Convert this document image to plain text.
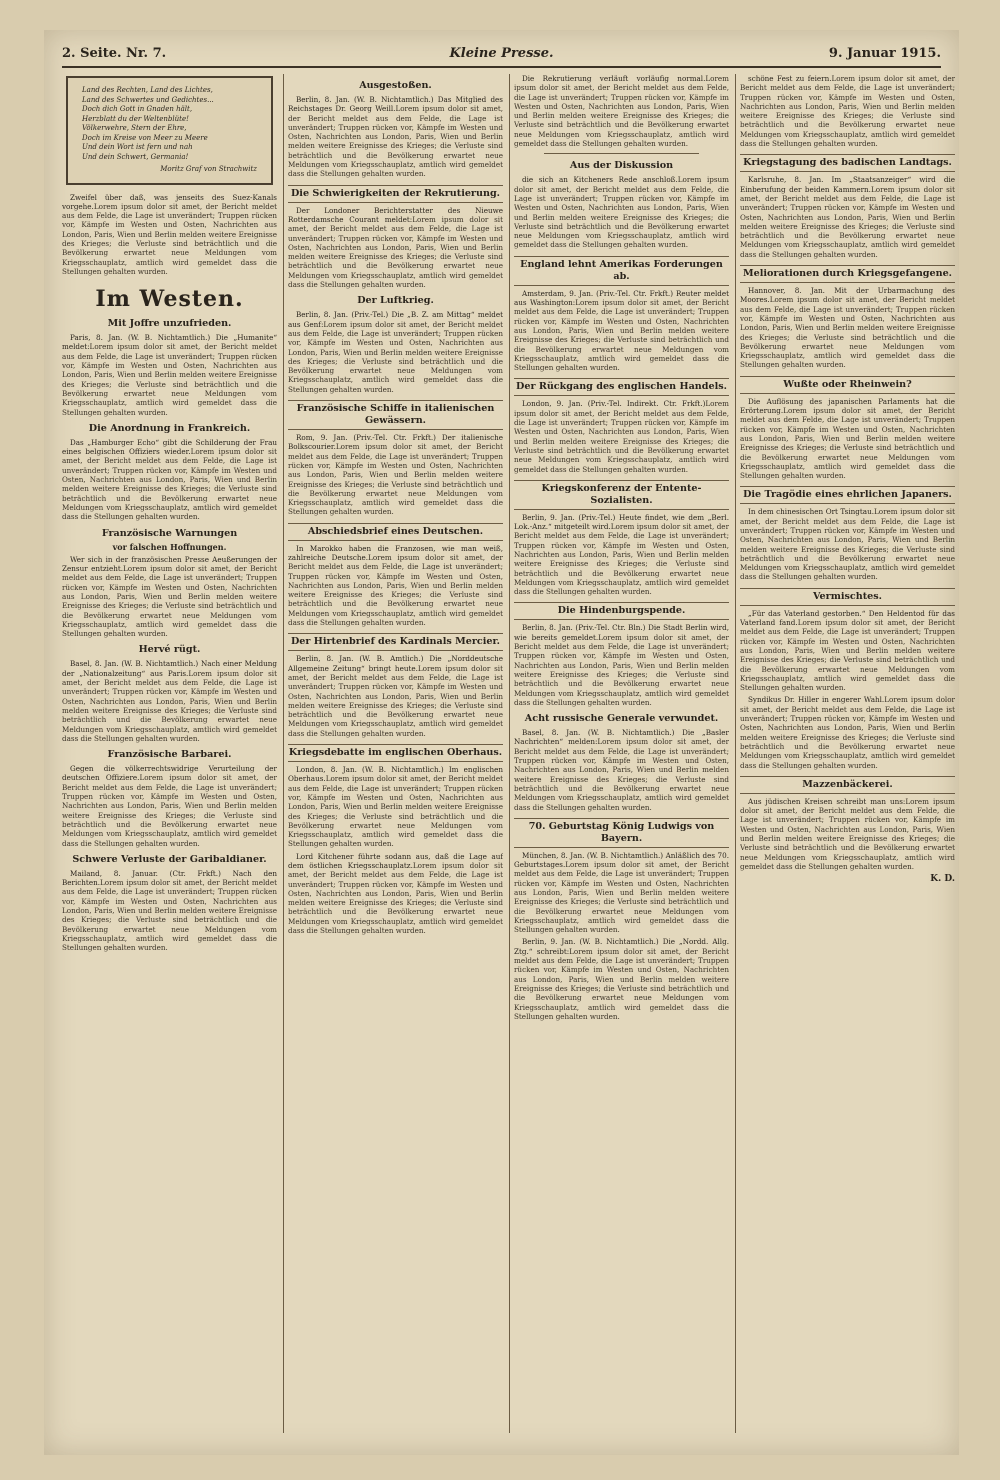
2. Seite. Nr. 7.	Kleine Presse.	9. Januar 1915.

Land des Rechten, Land des Lichtes,

Land des Schwertes und Gedichtes...

Doch dich Gott in Gnaden hält,

Herzblatt du der Weltenblüte!

Völkerwehre, Stern der Ehre,

Doch im Kreise von Meer zu Meere

Und dein Wort ist fern und nah

Und dein Schwert, Germania!

Moritz Graf von Strachwitz

Zweifel über daß, was jenseits des Suez-Kanals vorgehe. Lorem ipsum dolor sit amet, der Bericht meldet aus dem Felde, die Lage ist unverändert; Truppen rücken vor, Kämpfe im Westen und Osten, Nachrichten aus London, Paris, Wien und Berlin melden weitere Ereignisse des Krieges; die Verluste sind beträchtlich und die Bevölkerung erwartet neue Meldungen vom Kriegsschauplatz, amtlich wird gemeldet dass die Stellungen gehalten wurden.

Im Westen.
Mit Joffre unzufrieden.

Paris, 8. Jan. (W. B. Nichtamtlich.) Die „Humanite“ meldet: Lorem ipsum dolor sit amet, der Bericht meldet aus dem Felde, die Lage ist unverändert; Truppen rücken vor, Kämpfe im Westen und Osten, Nachrichten aus London, Paris, Wien und Berlin melden weitere Ereignisse des Krieges; die Verluste sind beträchtlich und die Bevölkerung erwartet neue Meldungen vom Kriegsschauplatz, amtlich wird gemeldet dass die Stellungen gehalten wurden.

Die Anordnung in Frankreich.

Das „Hamburger Echo“ gibt die Schilderung der Frau eines belgischen Offiziers wieder. Lorem ipsum dolor sit amet, der Bericht meldet aus dem Felde, die Lage ist unverändert; Truppen rücken vor, Kämpfe im Westen und Osten, Nachrichten aus London, Paris, Wien und Berlin melden weitere Ereignisse des Krieges; die Verluste sind beträchtlich und die Bevölkerung erwartet neue Meldungen vom Kriegsschauplatz, amtlich wird gemeldet dass die Stellungen gehalten wurden.

Französische Warnungen
vor falschen Hoffnungen.

Wer sich in der französischen Presse Aeußerungen der Zensur entzieht. Lorem ipsum dolor sit amet, der Bericht meldet aus dem Felde, die Lage ist unverändert; Truppen rücken vor, Kämpfe im Westen und Osten, Nachrichten aus London, Paris, Wien und Berlin melden weitere Ereignisse des Krieges; die Verluste sind beträchtlich und die Bevölkerung erwartet neue Meldungen vom Kriegsschauplatz, amtlich wird gemeldet dass die Stellungen gehalten wurden.

Hervé rügt.

Basel, 8. Jan. (W. B. Nichtamtlich.) Nach einer Meldung der „Nationalzeitung“ aus Paris. Lorem ipsum dolor sit amet, der Bericht meldet aus dem Felde, die Lage ist unverändert; Truppen rücken vor, Kämpfe im Westen und Osten, Nachrichten aus London, Paris, Wien und Berlin melden weitere Ereignisse des Krieges; die Verluste sind beträchtlich und die Bevölkerung erwartet neue Meldungen vom Kriegsschauplatz, amtlich wird gemeldet dass die Stellungen gehalten wurden.

Französische Barbarei.

Gegen die völkerrechtswidrige Verurteilung der deutschen Offiziere. Lorem ipsum dolor sit amet, der Bericht meldet aus dem Felde, die Lage ist unverändert; Truppen rücken vor, Kämpfe im Westen und Osten, Nachrichten aus London, Paris, Wien und Berlin melden weitere Ereignisse des Krieges; die Verluste sind beträchtlich und die Bevölkerung erwartet neue Meldungen vom Kriegsschauplatz, amtlich wird gemeldet dass die Stellungen gehalten wurden.

Schwere Verluste der Garibaldianer.

Mailand, 8. Januar. (Ctr. Frkft.) Nach den Berichten. Lorem ipsum dolor sit amet, der Bericht meldet aus dem Felde, die Lage ist unverändert; Truppen rücken vor, Kämpfe im Westen und Osten, Nachrichten aus London, Paris, Wien und Berlin melden weitere Ereignisse des Krieges; die Verluste sind beträchtlich und die Bevölkerung erwartet neue Meldungen vom Kriegsschauplatz, amtlich wird gemeldet dass die Stellungen gehalten wurden.

Ausgestoßen.

Berlin, 8. Jan. (W. B. Nichtamtlich.) Das Mitglied des Reichstages Dr. Georg Weill. Lorem ipsum dolor sit amet, der Bericht meldet aus dem Felde, die Lage ist unverändert; Truppen rücken vor, Kämpfe im Westen und Osten, Nachrichten aus London, Paris, Wien und Berlin melden weitere Ereignisse des Krieges; die Verluste sind beträchtlich und die Bevölkerung erwartet neue Meldungen vom Kriegsschauplatz, amtlich wird gemeldet dass die Stellungen gehalten wurden.

Die Schwierigkeiten der Rekrutierung.

Der Londoner Berichterstatter des Nieuwe Rotterdamsche Courant meldet: Lorem ipsum dolor sit amet, der Bericht meldet aus dem Felde, die Lage ist unverändert; Truppen rücken vor, Kämpfe im Westen und Osten, Nachrichten aus London, Paris, Wien und Berlin melden weitere Ereignisse des Krieges; die Verluste sind beträchtlich und die Bevölkerung erwartet neue Meldungen vom Kriegsschauplatz, amtlich wird gemeldet dass die Stellungen gehalten wurden.

Der Luftkrieg.

Berlin, 8. Jan. (Priv.-Tel.) Die „B. Z. am Mittag“ meldet aus Genf: Lorem ipsum dolor sit amet, der Bericht meldet aus dem Felde, die Lage ist unverändert; Truppen rücken vor, Kämpfe im Westen und Osten, Nachrichten aus London, Paris, Wien und Berlin melden weitere Ereignisse des Krieges; die Verluste sind beträchtlich und die Bevölkerung erwartet neue Meldungen vom Kriegsschauplatz, amtlich wird gemeldet dass die Stellungen gehalten wurden.

Französische Schiffe in italienischen Gewässern.

Rom, 9. Jan. (Priv.-Tel. Ctr. Frkft.) Der italienische Bolkscourier. Lorem ipsum dolor sit amet, der Bericht meldet aus dem Felde, die Lage ist unverändert; Truppen rücken vor, Kämpfe im Westen und Osten, Nachrichten aus London, Paris, Wien und Berlin melden weitere Ereignisse des Krieges; die Verluste sind beträchtlich und die Bevölkerung erwartet neue Meldungen vom Kriegsschauplatz, amtlich wird gemeldet dass die Stellungen gehalten wurden.

Abschiedsbrief eines Deutschen.

In Marokko haben die Franzosen, wie man weiß, zahlreiche Deutsche. Lorem ipsum dolor sit amet, der Bericht meldet aus dem Felde, die Lage ist unverändert; Truppen rücken vor, Kämpfe im Westen und Osten, Nachrichten aus London, Paris, Wien und Berlin melden weitere Ereignisse des Krieges; die Verluste sind beträchtlich und die Bevölkerung erwartet neue Meldungen vom Kriegsschauplatz, amtlich wird gemeldet dass die Stellungen gehalten wurden.

Der Hirtenbrief des Kardinals Mercier.

Berlin, 8. Jan. (W. B. Amtlich.) Die „Norddeutsche Allgemeine Zeitung“ bringt heute. Lorem ipsum dolor sit amet, der Bericht meldet aus dem Felde, die Lage ist unverändert; Truppen rücken vor, Kämpfe im Westen und Osten, Nachrichten aus London, Paris, Wien und Berlin melden weitere Ereignisse des Krieges; die Verluste sind beträchtlich und die Bevölkerung erwartet neue Meldungen vom Kriegsschauplatz, amtlich wird gemeldet dass die Stellungen gehalten wurden.

Kriegsdebatte im englischen Oberhaus.

London, 8. Jan. (W. B. Nichtamtlich.) Im englischen Oberhaus. Lorem ipsum dolor sit amet, der Bericht meldet aus dem Felde, die Lage ist unverändert; Truppen rücken vor, Kämpfe im Westen und Osten, Nachrichten aus London, Paris, Wien und Berlin melden weitere Ereignisse des Krieges; die Verluste sind beträchtlich und die Bevölkerung erwartet neue Meldungen vom Kriegsschauplatz, amtlich wird gemeldet dass die Stellungen gehalten wurden.

Lord Kitchener führte sodann aus, daß die Lage auf dem östlichen Kriegsschauplatz. Lorem ipsum dolor sit amet, der Bericht meldet aus dem Felde, die Lage ist unverändert; Truppen rücken vor, Kämpfe im Westen und Osten, Nachrichten aus London, Paris, Wien und Berlin melden weitere Ereignisse des Krieges; die Verluste sind beträchtlich und die Bevölkerung erwartet neue Meldungen vom Kriegsschauplatz, amtlich wird gemeldet dass die Stellungen gehalten wurden.

Die Rekrutierung verläuft vorläufig normal. Lorem ipsum dolor sit amet, der Bericht meldet aus dem Felde, die Lage ist unverändert; Truppen rücken vor, Kämpfe im Westen und Osten, Nachrichten aus London, Paris, Wien und Berlin melden weitere Ereignisse des Krieges; die Verluste sind beträchtlich und die Bevölkerung erwartet neue Meldungen vom Kriegsschauplatz, amtlich wird gemeldet dass die Stellungen gehalten wurden.

Aus der Diskussion

die sich an Kitcheners Rede anschloß. Lorem ipsum dolor sit amet, der Bericht meldet aus dem Felde, die Lage ist unverändert; Truppen rücken vor, Kämpfe im Westen und Osten, Nachrichten aus London, Paris, Wien und Berlin melden weitere Ereignisse des Krieges; die Verluste sind beträchtlich und die Bevölkerung erwartet neue Meldungen vom Kriegsschauplatz, amtlich wird gemeldet dass die Stellungen gehalten wurden.

England lehnt Amerikas Forderungen ab.

Amsterdam, 9. Jan. (Priv.-Tel. Ctr. Frkft.) Reuter meldet aus Washington: Lorem ipsum dolor sit amet, der Bericht meldet aus dem Felde, die Lage ist unverändert; Truppen rücken vor, Kämpfe im Westen und Osten, Nachrichten aus London, Paris, Wien und Berlin melden weitere Ereignisse des Krieges; die Verluste sind beträchtlich und die Bevölkerung erwartet neue Meldungen vom Kriegsschauplatz, amtlich wird gemeldet dass die Stellungen gehalten wurden.

Der Rückgang des englischen Handels.

London, 9. Jan. (Priv.-Tel. Indirekt. Ctr. Frkft.) Lorem ipsum dolor sit amet, der Bericht meldet aus dem Felde, die Lage ist unverändert; Truppen rücken vor, Kämpfe im Westen und Osten, Nachrichten aus London, Paris, Wien und Berlin melden weitere Ereignisse des Krieges; die Verluste sind beträchtlich und die Bevölkerung erwartet neue Meldungen vom Kriegsschauplatz, amtlich wird gemeldet dass die Stellungen gehalten wurden.

Kriegskonferenz der Entente-Sozialisten.

Berlin, 9. Jan. (Priv.-Tel.) Heute findet, wie dem „Berl. Lok.-Anz.“ mitgeteilt wird. Lorem ipsum dolor sit amet, der Bericht meldet aus dem Felde, die Lage ist unverändert; Truppen rücken vor, Kämpfe im Westen und Osten, Nachrichten aus London, Paris, Wien und Berlin melden weitere Ereignisse des Krieges; die Verluste sind beträchtlich und die Bevölkerung erwartet neue Meldungen vom Kriegsschauplatz, amtlich wird gemeldet dass die Stellungen gehalten wurden.

Die Hindenburgspende.

Berlin, 8. Jan. (Priv.-Tel. Ctr. Bln.) Die Stadt Berlin wird, wie bereits gemeldet. Lorem ipsum dolor sit amet, der Bericht meldet aus dem Felde, die Lage ist unverändert; Truppen rücken vor, Kämpfe im Westen und Osten, Nachrichten aus London, Paris, Wien und Berlin melden weitere Ereignisse des Krieges; die Verluste sind beträchtlich und die Bevölkerung erwartet neue Meldungen vom Kriegsschauplatz, amtlich wird gemeldet dass die Stellungen gehalten wurden.

Acht russische Generale verwundet.

Basel, 8. Jan. (W. B. Nichtamtlich.) Die „Basler Nachrichten“ melden: Lorem ipsum dolor sit amet, der Bericht meldet aus dem Felde, die Lage ist unverändert; Truppen rücken vor, Kämpfe im Westen und Osten, Nachrichten aus London, Paris, Wien und Berlin melden weitere Ereignisse des Krieges; die Verluste sind beträchtlich und die Bevölkerung erwartet neue Meldungen vom Kriegsschauplatz, amtlich wird gemeldet dass die Stellungen gehalten wurden.

70. Geburtstag König Ludwigs von Bayern.

München, 8. Jan. (W. B. Nichtamtlich.) Anläßlich des 70. Geburtstages. Lorem ipsum dolor sit amet, der Bericht meldet aus dem Felde, die Lage ist unverändert; Truppen rücken vor, Kämpfe im Westen und Osten, Nachrichten aus London, Paris, Wien und Berlin melden weitere Ereignisse des Krieges; die Verluste sind beträchtlich und die Bevölkerung erwartet neue Meldungen vom Kriegsschauplatz, amtlich wird gemeldet dass die Stellungen gehalten wurden.

Berlin, 9. Jan. (W. B. Nichtamtlich.) Die „Nordd. Allg. Ztg.“ schreibt: Lorem ipsum dolor sit amet, der Bericht meldet aus dem Felde, die Lage ist unverändert; Truppen rücken vor, Kämpfe im Westen und Osten, Nachrichten aus London, Paris, Wien und Berlin melden weitere Ereignisse des Krieges; die Verluste sind beträchtlich und die Bevölkerung erwartet neue Meldungen vom Kriegsschauplatz, amtlich wird gemeldet dass die Stellungen gehalten wurden.

schöne Fest zu feiern. Lorem ipsum dolor sit amet, der Bericht meldet aus dem Felde, die Lage ist unverändert; Truppen rücken vor, Kämpfe im Westen und Osten, Nachrichten aus London, Paris, Wien und Berlin melden weitere Ereignisse des Krieges; die Verluste sind beträchtlich und die Bevölkerung erwartet neue Meldungen vom Kriegsschauplatz, amtlich wird gemeldet dass die Stellungen gehalten wurden.

Kriegstagung des badischen Landtags.

Karlsruhe, 8. Jan. Im „Staatsanzeiger“ wird die Einberufung der beiden Kammern. Lorem ipsum dolor sit amet, der Bericht meldet aus dem Felde, die Lage ist unverändert; Truppen rücken vor, Kämpfe im Westen und Osten, Nachrichten aus London, Paris, Wien und Berlin melden weitere Ereignisse des Krieges; die Verluste sind beträchtlich und die Bevölkerung erwartet neue Meldungen vom Kriegsschauplatz, amtlich wird gemeldet dass die Stellungen gehalten wurden.

Meliorationen durch Kriegsgefangene.

Hannover, 8. Jan. Mit der Urbarmachung des Moores. Lorem ipsum dolor sit amet, der Bericht meldet aus dem Felde, die Lage ist unverändert; Truppen rücken vor, Kämpfe im Westen und Osten, Nachrichten aus London, Paris, Wien und Berlin melden weitere Ereignisse des Krieges; die Verluste sind beträchtlich und die Bevölkerung erwartet neue Meldungen vom Kriegsschauplatz, amtlich wird gemeldet dass die Stellungen gehalten wurden.

Wußte oder Rheinwein?

Die Auflösung des japanischen Parlaments hat die Erörterung. Lorem ipsum dolor sit amet, der Bericht meldet aus dem Felde, die Lage ist unverändert; Truppen rücken vor, Kämpfe im Westen und Osten, Nachrichten aus London, Paris, Wien und Berlin melden weitere Ereignisse des Krieges; die Verluste sind beträchtlich und die Bevölkerung erwartet neue Meldungen vom Kriegsschauplatz, amtlich wird gemeldet dass die Stellungen gehalten wurden.

Die Tragödie eines ehrlichen Japaners.

In dem chinesischen Ort Tsingtau. Lorem ipsum dolor sit amet, der Bericht meldet aus dem Felde, die Lage ist unverändert; Truppen rücken vor, Kämpfe im Westen und Osten, Nachrichten aus London, Paris, Wien und Berlin melden weitere Ereignisse des Krieges; die Verluste sind beträchtlich und die Bevölkerung erwartet neue Meldungen vom Kriegsschauplatz, amtlich wird gemeldet dass die Stellungen gehalten wurden.

Vermischtes.

„Für das Vaterland gestorben.“ Den Heldentod für das Vaterland fand. Lorem ipsum dolor sit amet, der Bericht meldet aus dem Felde, die Lage ist unverändert; Truppen rücken vor, Kämpfe im Westen und Osten, Nachrichten aus London, Paris, Wien und Berlin melden weitere Ereignisse des Krieges; die Verluste sind beträchtlich und die Bevölkerung erwartet neue Meldungen vom Kriegsschauplatz, amtlich wird gemeldet dass die Stellungen gehalten wurden.

Syndikus Dr. Hiller in engerer Wahl. Lorem ipsum dolor sit amet, der Bericht meldet aus dem Felde, die Lage ist unverändert; Truppen rücken vor, Kämpfe im Westen und Osten, Nachrichten aus London, Paris, Wien und Berlin melden weitere Ereignisse des Krieges; die Verluste sind beträchtlich und die Bevölkerung erwartet neue Meldungen vom Kriegsschauplatz, amtlich wird gemeldet dass die Stellungen gehalten wurden.

Mazzenbäckerei.

Aus jüdischen Kreisen schreibt man uns: Lorem ipsum dolor sit amet, der Bericht meldet aus dem Felde, die Lage ist unverändert; Truppen rücken vor, Kämpfe im Westen und Osten, Nachrichten aus London, Paris, Wien und Berlin melden weitere Ereignisse des Krieges; die Verluste sind beträchtlich und die Bevölkerung erwartet neue Meldungen vom Kriegsschauplatz, amtlich wird gemeldet dass die Stellungen gehalten wurden.

K. D.
